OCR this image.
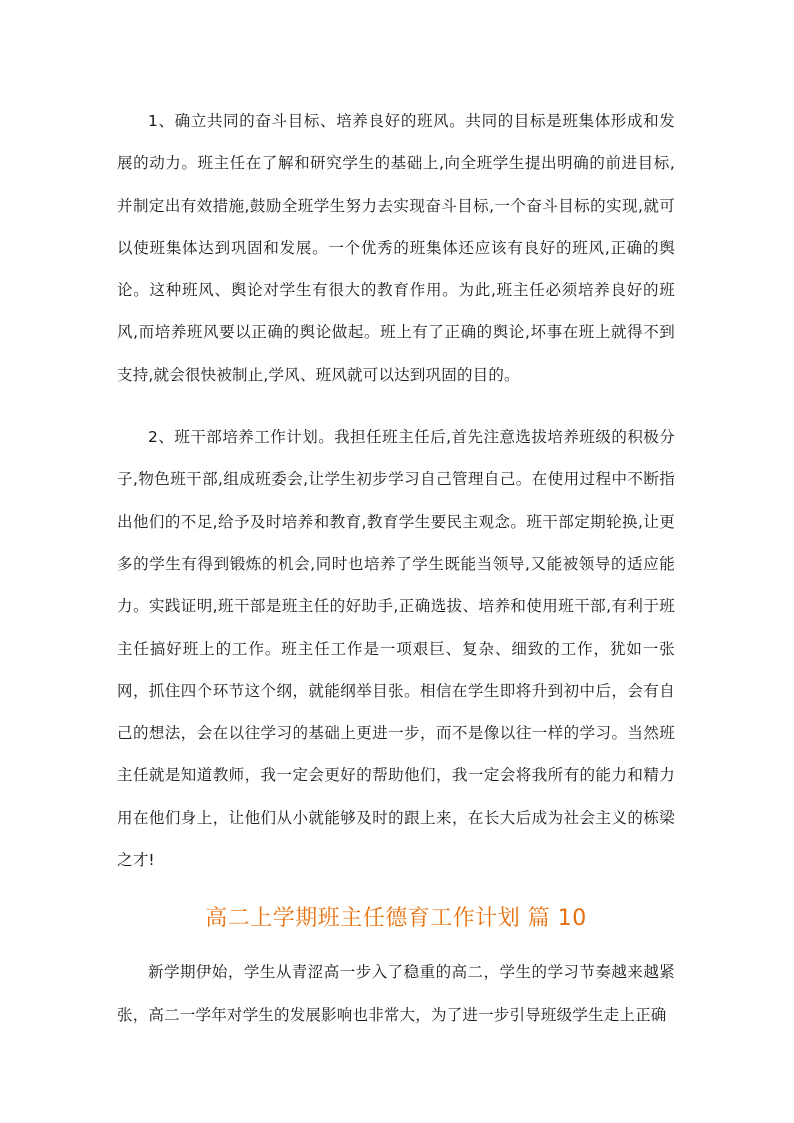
1、确立共同的奋斗目标、培养良好的班风。共同的目标是班集体形成和发展的动力。班主任在了解和研究学生的基础上,向全班学生提出明确的前进目标,并制定出有效措施,鼓励全班学生努力去实现奋斗目标,一个奋斗目标的实现,就可以使班集体达到巩固和发展。一个优秀的班集体还应该有良好的班风,正确的舆论。这种班风、舆论对学生有很大的教育作用。为此,班主任必须培养良好的班风,而培养班风要以正确的舆论做起。班上有了正确的舆论,坏事在班上就得不到支持,就会很快被制止,学风、班风就可以达到巩固的目的。

2、班干部培养工作计划。我担任班主任后,首先注意选拔培养班级的积极分子,物色班干部,组成班委会,让学生初步学习自己管理自己。在使用过程中不断指出他们的不足,给予及时培养和教育,教育学生要民主观念。班干部定期轮换,让更多的学生有得到锻炼的机会,同时也培养了学生既能当领导,又能被领导的适应能力。实践证明,班干部是班主任的好助手,正确选拔、培养和使用班干部,有利于班主任搞好班上的工作。班主任工作是一项艰巨、复杂、细致的工作，犹如一张网，抓住四个环节这个纲，就能纲举目张。相信在学生即将升到初中后，会有自己的想法，会在以往学习的基础上更进一步，而不是像以往一样的学习。当然班主任就是知道教师，我一定会更好的帮助他们，我一定会将我所有的能力和精力用在他们身上，让他们从小就能够及时的跟上来，在长大后成为社会主义的栋梁之才!

高二上学期班主任德育工作计划 篇 10

新学期伊始，学生从青涩高一步入了稳重的高二，学生的学习节奏越来越紧张，高二一学年对学生的发展影响也非常大，为了进一步引导班级学生走上正确
